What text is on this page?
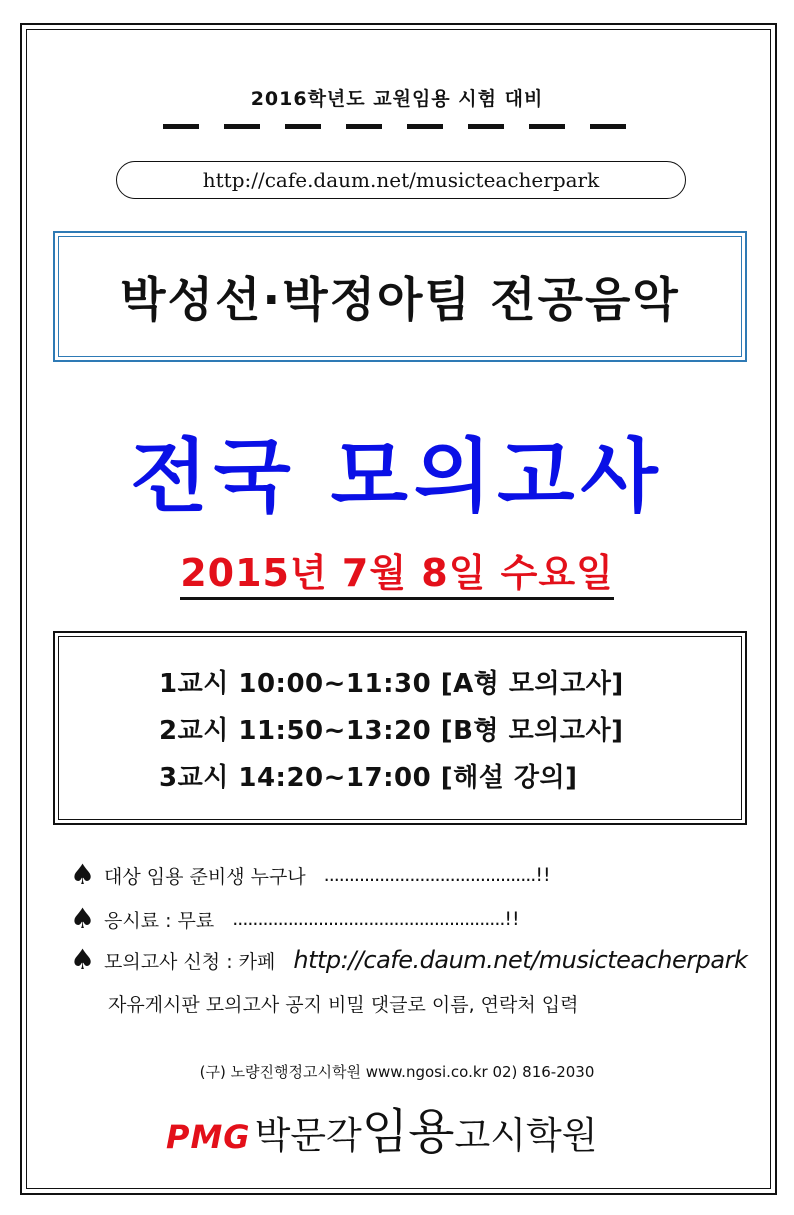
2016학년도 교원임용 시험 대비
http://cafe.daum.net/musicteacherpark
박성선·박정아팀 전공음악
전국 모의고사
2015년 7월 8일 수요일
1교시 10:00~11:30 [A형 모의고사]
2교시 11:50~13:20 [B형 모의고사]
3교시 14:20~17:00 [해설 강의]
♠ 대상 임용 준비생 누구나 .......................................... !!
♠ 응시료 : 무료 ...................................................... !!
♠ 모의고사 신청 : 카페 http://cafe.daum.net/musicteacherpark
자유게시판 모의고사 공지 비밀 댓글로 이름, 연락처 입력
(구) 노량진행정고시학원 www.ngosi.co.kr 02) 816-2030
PMG 박문각 임용 고시학원
